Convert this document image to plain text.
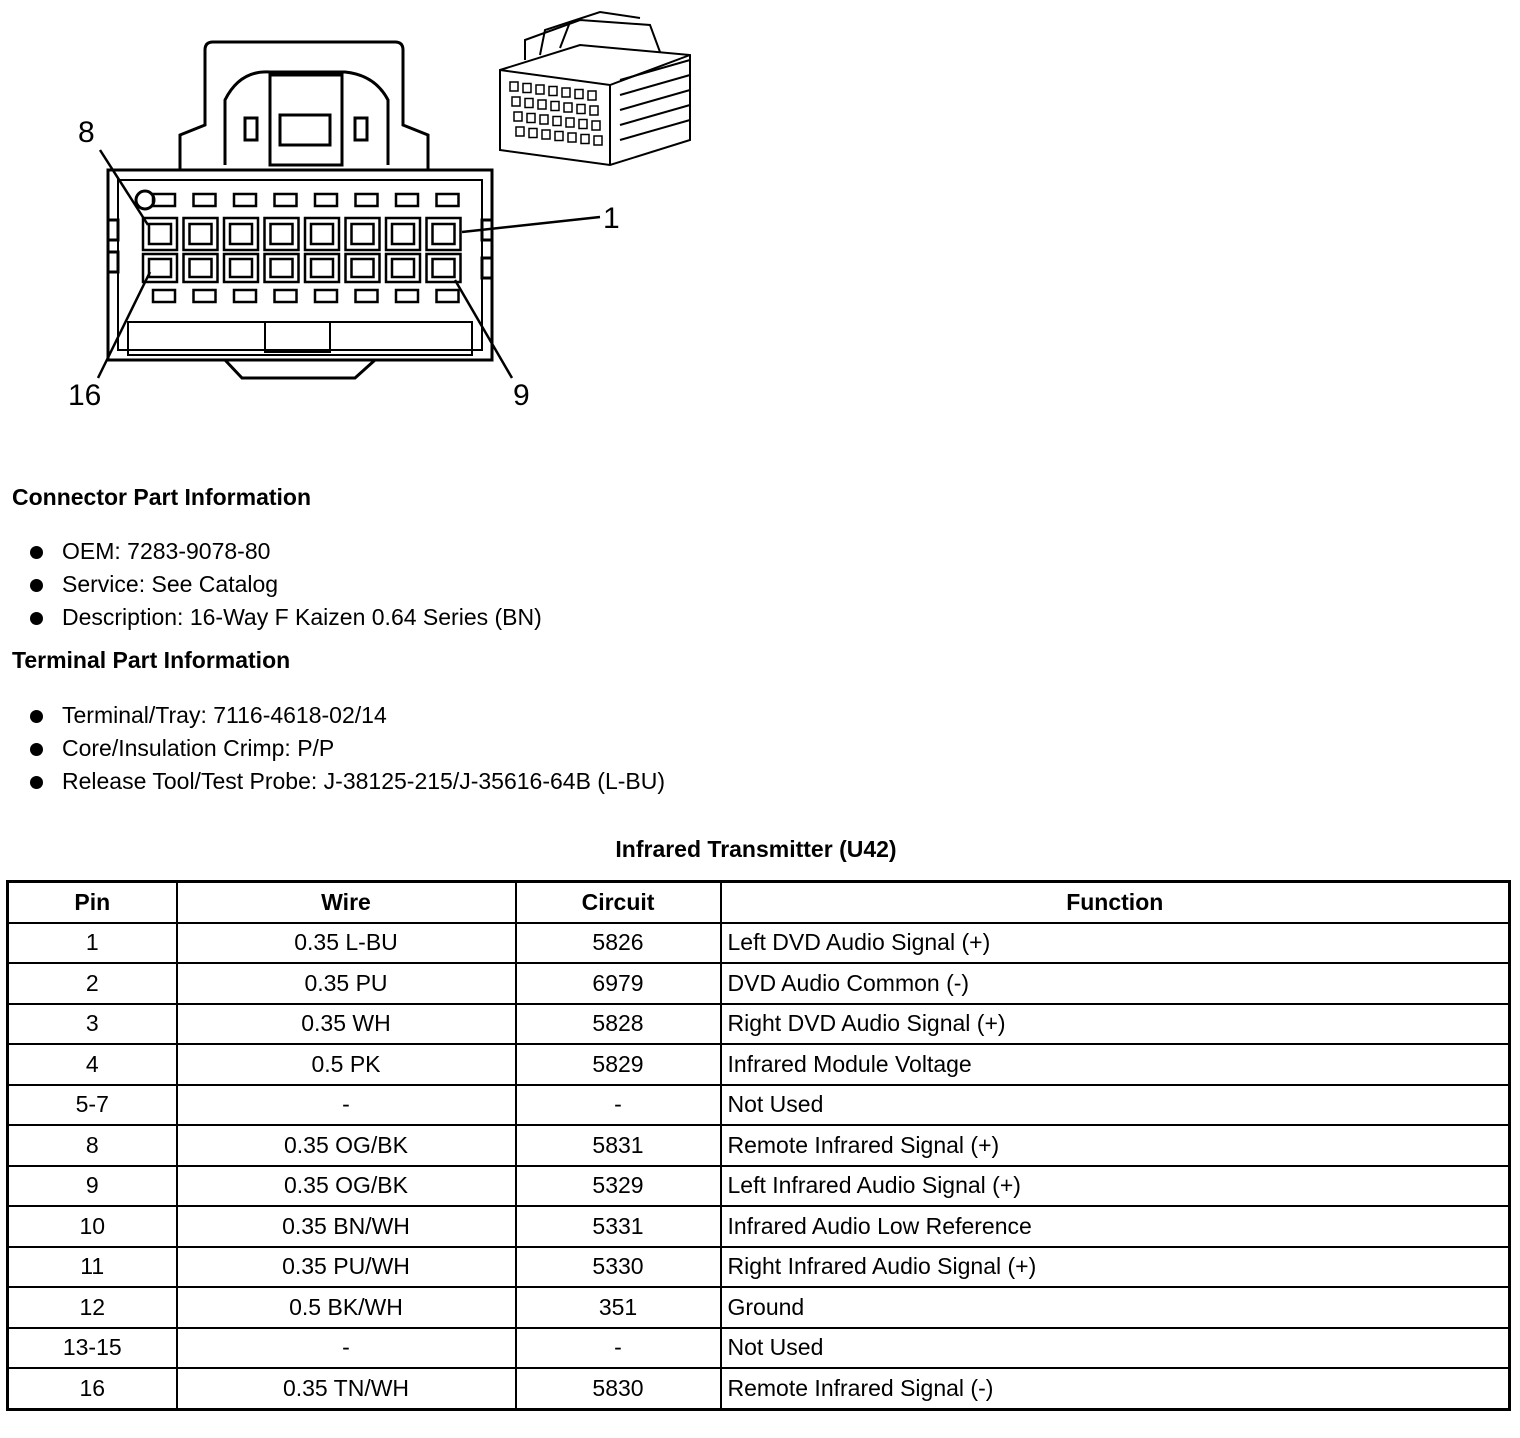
8
1
16	9
Connector Part Information
OEM: 7283-9078-80
Service: See Catalog
Description: 16-Way F Kaizen 0.64 Series (BN)
Terminal Part Information
Terminal/Tray: 7116-4618-02/14
Core/Insulation Crimp: P/P
Release Tool/Test Probe: J-38125-215/J-35616-64B (L-BU)
Infrared Transmitter (U42)
Pin	Wire	Circuit	Function
1	0.35 L-BU	5826	Left DVD Audio Signal (+)
2	0.35 PU	6979	DVD Audio Common (-)
3	0.35 WH	5828	Right DVD Audio Signal (+)
4	0.5 PK	5829	Infrared Module Voltage
5-7	-	-	Not Used
8	0.35 OG/BK	5831	Remote Infrared Signal (+)
9	0.35 OG/BK	5329	Left Infrared Audio Signal (+)
10	0.35 BN/WH	5331	Infrared Audio Low Reference
11	0.35 PU/WH	5330	Right Infrared Audio Signal (+)
12	0.5 BK/WH	351	Ground
13-15	-	-	Not Used
16	0.35 TN/WH	5830	Remote Infrared Signal (-)
